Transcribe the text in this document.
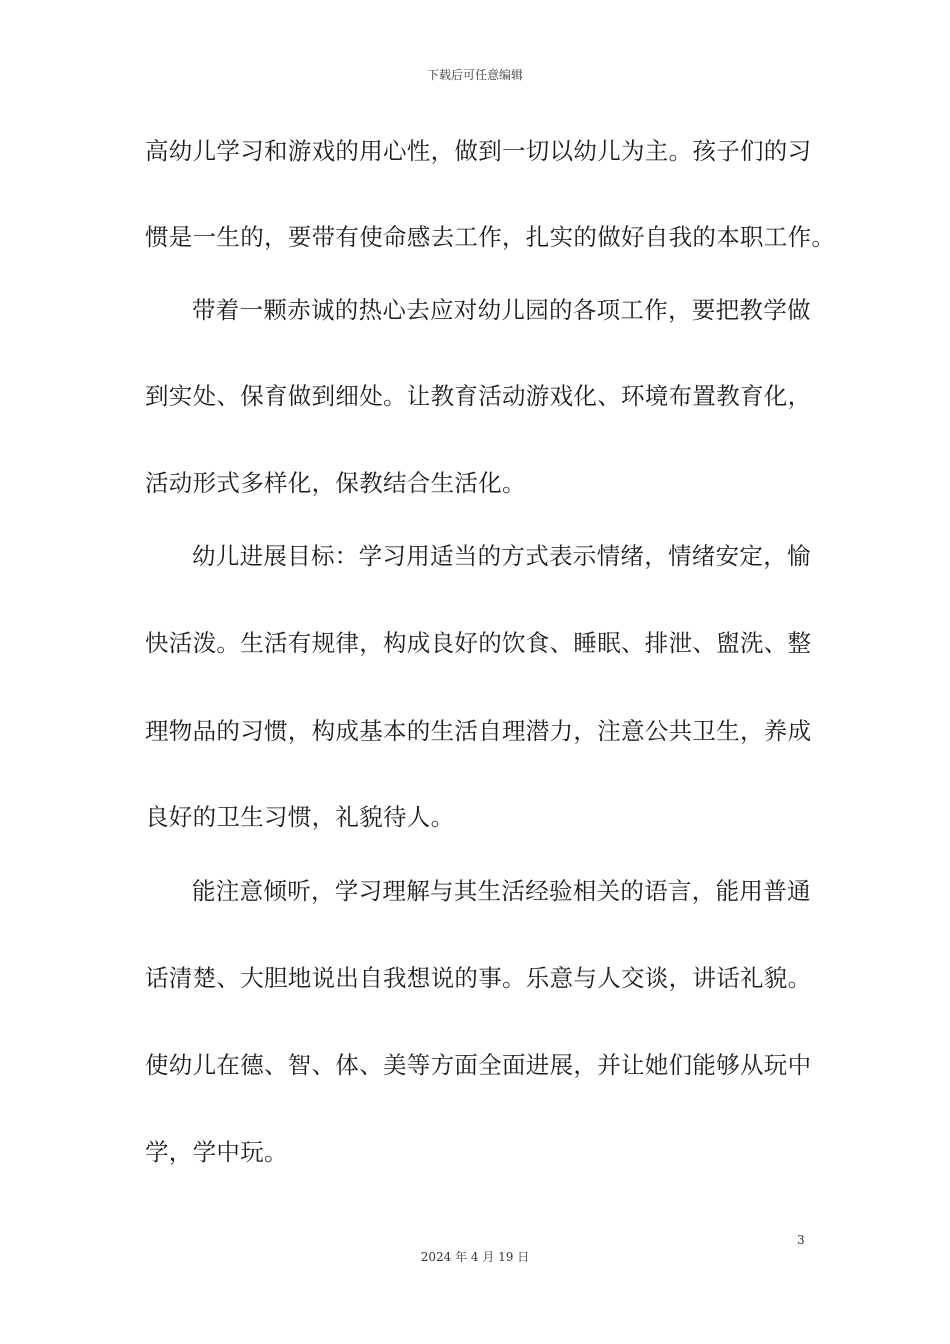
下载后可任意编辑
高幼儿学习和游戏的用心性，做到一切以幼儿为主。孩子们的习
惯是一生的，要带有使命感去工作，扎实的做好自我的本职工作。
带着一颗赤诚的热心去应对幼儿园的各项工作，要把教学做
到实处、保育做到细处。让教育活动游戏化、环境布置教育化，
活动形式多样化，保教结合生活化。
幼儿进展目标：学习用适当的方式表示情绪，情绪安定，愉
快活泼。生活有规律，构成良好的饮食、睡眠、排泄、盥洗、整
理物品的习惯，构成基本的生活自理潜力，注意公共卫生，养成
良好的卫生习惯，礼貌待人。
能注意倾听，学习理解与其生活经验相关的语言，能用普通
话清楚、大胆地说出自我想说的事。乐意与人交谈，讲话礼貌。
使幼儿在德、智、体、美等方面全面进展，并让她们能够从玩中
学，学中玩。
3
2024 年 4 月 19 日
